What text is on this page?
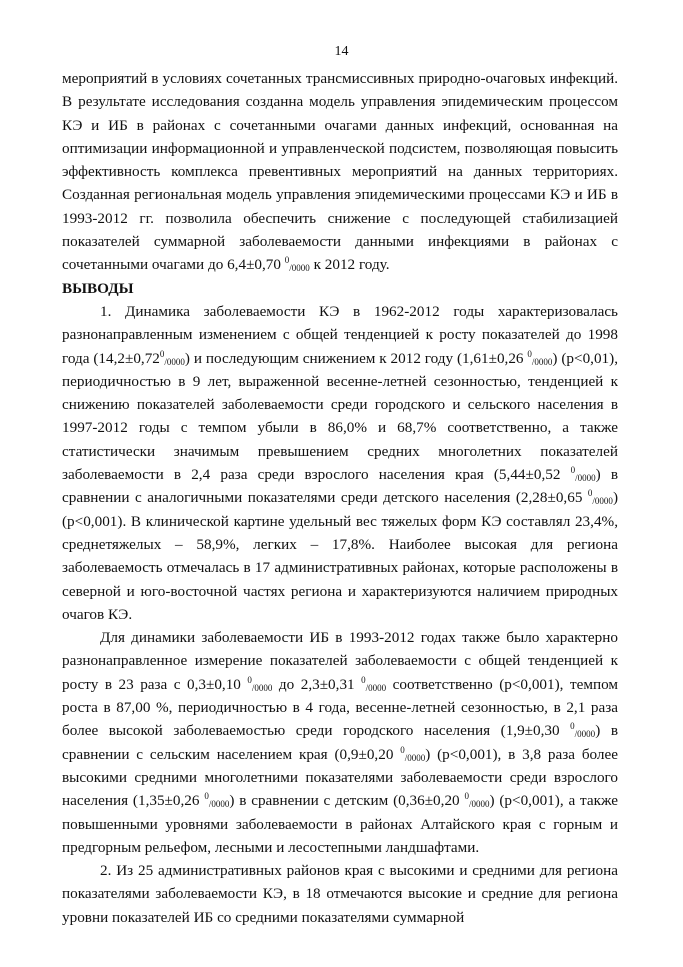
14

мероприятий в условиях сочетанных трансмиссивных природно-очаговых инфекций. В результате исследования созданна модель управления эпидемическим процессом КЭ и ИБ в районах с сочетанными очагами данных инфекций, основанная на оптимизации информационной и управленческой подсистем, позволяющая повысить эффективность комплекса превентивных мероприятий на данных территориях. Созданная региональная модель управления эпидемическими процессами КЭ и ИБ в 1993-2012 гг. позволила обеспечить снижение с последующей стабилизацией показателей суммарной заболеваемости данными инфекциями в районах с сочетанными очагами до 6,4±0,70 $^0_{/0000}$ к 2012 году.

ВЫВОДЫ

1. Динамика заболеваемости КЭ в 1962-2012 годы характеризовалась разнонаправленным изменением с общей тенденцией к росту показателей до 1998 года $(14,2\pm 0,72^0_{/0000})$ и последующим снижением к 2012 году (1,61±0,26 $^0_{/0000}$) (p<0,01), периодичностью в 9 лет, выраженной весенне-летней сезонностью, тенденцией к снижению показателей заболеваемости среди городского и сельского населения в 1997-2012 годы с темпом убыли в 86,0% и 68,7% соответственно, а также статистически значимым превышением средних многолетних показателей заболеваемости в 2,4 раза среди взрослого населения края (5,44±0,52 $^0_{/0000}$) в сравнении с аналогичными показателями среди детского населения (2,28±0,65 $^0_{/0000}$) (p<0,001). В клинической картине удельный вес тяжелых форм КЭ составлял 23,4%, среднетяжелых – 58,9%, легких – 17,8%. Наиболее высокая для региона заболеваемость отмечалась в 17 административных районах, которые расположены в северной и юго-восточной частях региона и характеризуются наличием природных очагов КЭ.

Для динамики заболеваемости ИБ в 1993-2012 годах также было характерно разнонаправленное измерение показателей заболеваемости с общей тенденцией к росту в 23 раза с 0,3±0,10 $^0_{/0000}$ до 2,3±0,31 $^0_{/0000}$ соответственно (p<0,001), темпом роста в 87,00 %, периодичностью в 4 года, весенне-летней сезонностью, в 2,1 раза более высокой заболеваемостью среди городского населения (1,9±0,30 $^0_{/0000}$) в сравнении с сельским населением края (0,9±0,20 $^0_{/0000}$) (p<0,001), в 3,8 раза более высокими средними многолетними показателями заболеваемости среди взрослого населения (1,35±0,26 $^0_{/0000}$) в сравнении с детским (0,36±0,20 $^0_{/0000}$) (p<0,001), а также повышенными уровнями заболеваемости в районах Алтайского края с горным и предгорным рельефом, лесными и лесостепными ландшафтами.

2. Из 25 административных районов края с высокими и средними для региона показателями заболеваемости КЭ, в 18 отмечаются высокие и средние для региона уровни показателей ИБ со средними показателями суммарной
